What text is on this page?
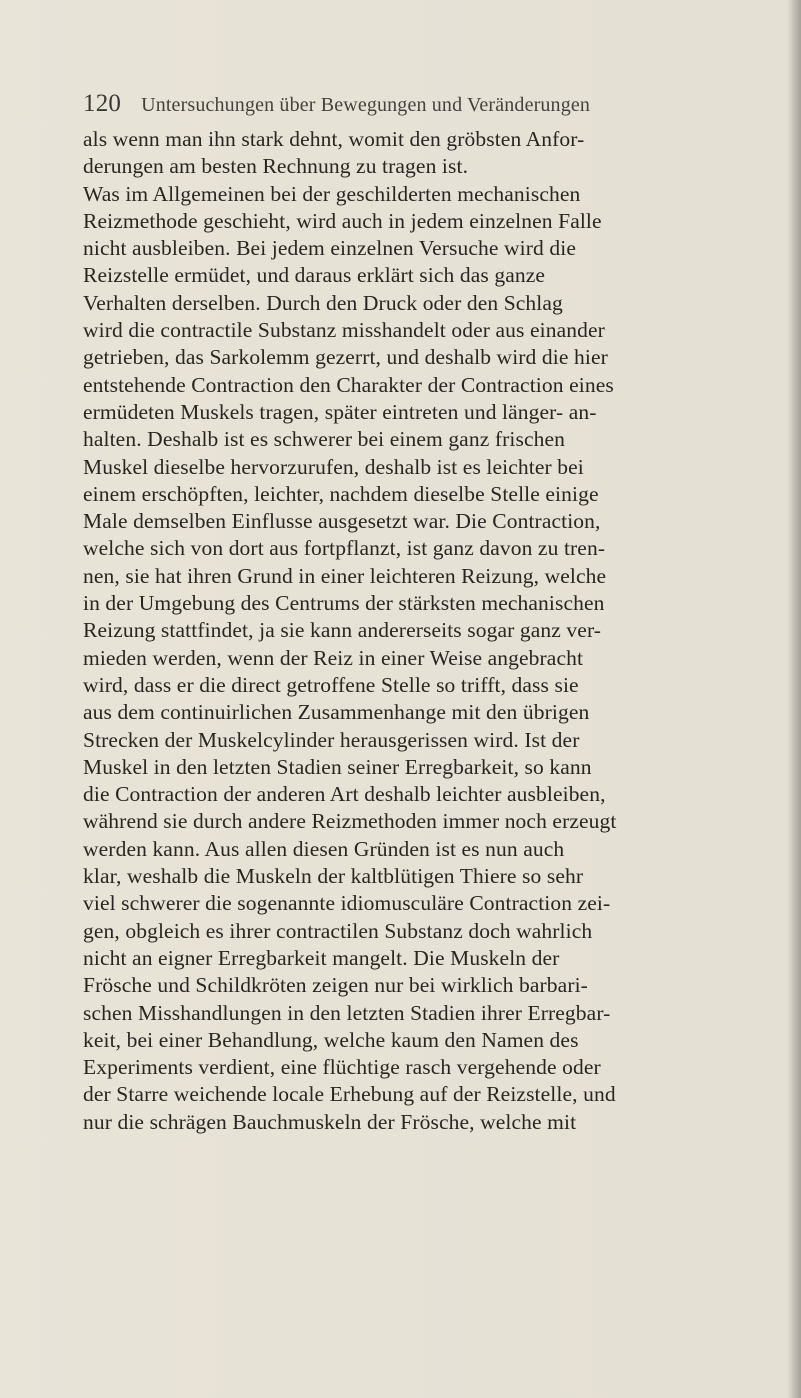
120 Untersuchungen über Bewegungen und Veränderungen
als wenn man ihn stark dehnt, womit den gröbsten Anfor-
derungen am besten Rechnung zu tragen ist.
Was im Allgemeinen bei der geschilderten mechanischen
Reizmethode geschieht, wird auch in jedem einzelnen Falle
nicht ausbleiben. Bei jedem einzelnen Versuche wird die
Reizstelle ermüdet, und daraus erklärt sich das ganze
Verhalten derselben. Durch den Druck oder den Schlag
wird die contractile Substanz misshandelt oder aus einander
getrieben, das Sarkolemm gezerrt, und deshalb wird die hier
entstehende Contraction den Charakter der Contraction eines
ermüdeten Muskels tragen, später eintreten und länger- an-
halten. Deshalb ist es schwerer bei einem ganz frischen
Muskel dieselbe hervorzurufen, deshalb ist es leichter bei
einem erschöpften, leichter, nachdem dieselbe Stelle einige
Male demselben Einflusse ausgesetzt war. Die Contraction,
welche sich von dort aus fortpflanzt, ist ganz davon zu tren-
nen, sie hat ihren Grund in einer leichteren Reizung, welche
in der Umgebung des Centrums der stärksten mechanischen
Reizung stattfindet, ja sie kann andererseits sogar ganz ver-
mieden werden, wenn der Reiz in einer Weise angebracht
wird, dass er die direct getroffene Stelle so trifft, dass sie
aus dem continuirlichen Zusammenhange mit den übrigen
Strecken der Muskelcylinder herausgerissen wird. Ist der
Muskel in den letzten Stadien seiner Erregbarkeit, so kann
die Contraction der anderen Art deshalb leichter ausbleiben,
während sie durch andere Reizmethoden immer noch erzeugt
werden kann. Aus allen diesen Gründen ist es nun auch
klar, weshalb die Muskeln der kaltblütigen Thiere so sehr
viel schwerer die sogenannte idiomusculäre Contraction zei-
gen, obgleich es ihrer contractilen Substanz doch wahrlich
nicht an eigner Erregbarkeit mangelt. Die Muskeln der
Frösche und Schildkröten zeigen nur bei wirklich barbari-
schen Misshandlungen in den letzten Stadien ihrer Erregbar-
keit, bei einer Behandlung, welche kaum den Namen des
Experiments verdient, eine flüchtige rasch vergehende oder
der Starre weichende locale Erhebung auf der Reizstelle, und
nur die schrägen Bauchmuskeln der Frösche, welche mit
